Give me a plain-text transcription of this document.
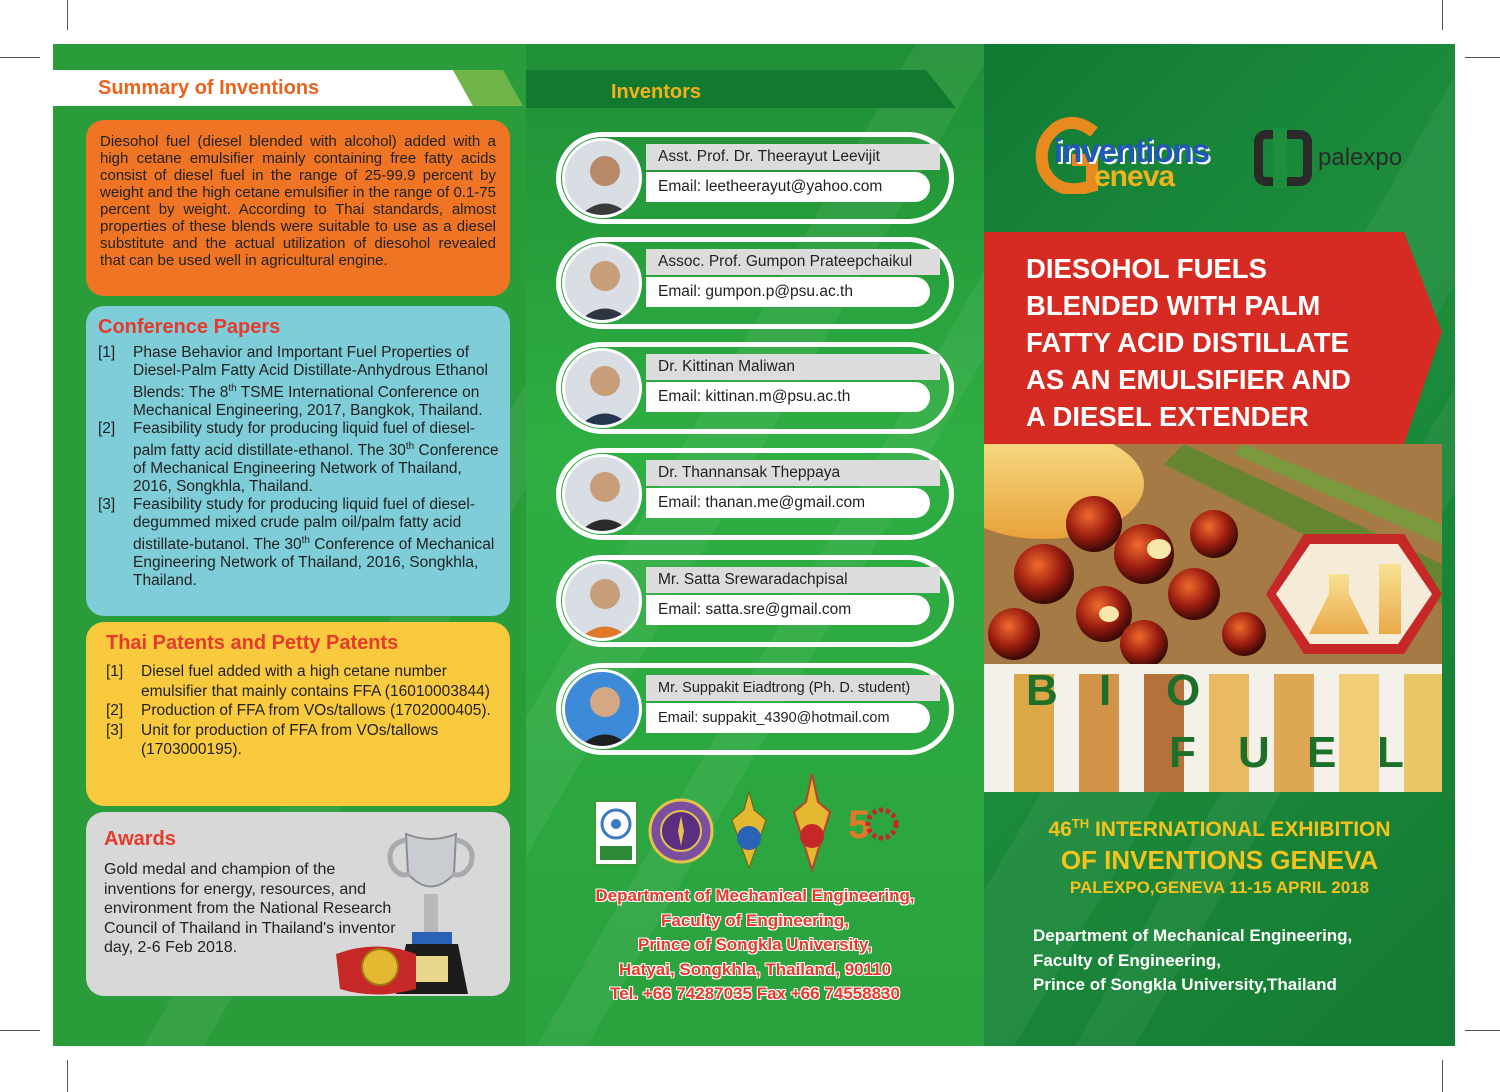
Summary of Inventions
Diesohol fuel (diesel blended with alcohol) added with a high cetane emulsifier mainly containing free fatty acids consist of diesel fuel in the range of 25-99.9 percent by weight and the high cetane emulsifier in the range of 0.1-75 percent by weight. According to Thai standards, almost properties of these blends were suitable to use as a diesel substitute and the actual utilization of diesohol revealed that can be used well in agricultural engine.
Conference Papers
[1]	Phase Behavior and Important Fuel Properties of Diesel-Palm Fatty Acid Distillate-Anhydrous Ethanol Blends: The 8th TSME International Conference on Mechanical Engineering, 2017, Bangkok, Thailand.
[2]	Feasibility study for producing liquid fuel of diesel-palm fatty acid distillate-ethanol. The 30th Conference of Mechanical Engineering Network of Thailand, 2016, Songkhla, Thailand.
[3]	Feasibility study for producing liquid fuel of diesel-degummed mixed crude palm oil/palm fatty acid distillate-butanol. The 30th Conference of Mechanical Engineering Network of Thailand, 2016, Songkhla, Thailand.
Thai Patents and Petty Patents
[1]	Diesel fuel added with a high cetane number emulsifier that mainly contains FFA (16010003844)
[2]	Production of FFA from VOs/tallows (1702000405).
[3]	Unit for production of FFA from VOs/tallows (1703000195).
Awards
Gold medal and champion of the inventions for energy, resources, and environment from the National Research Council of Thailand in Thailand's inventor day, 2-6 Feb 2018.
Inventors
Asst. Prof. Dr. Theerayut Leevijit
Email: leetheerayut@yahoo.com
Assoc. Prof. Gumpon Prateepchaikul
Email: gumpon.p@psu.ac.th
Dr. Kittinan Maliwan
Email: kittinan.m@psu.ac.th
Dr. Thannansak Theppaya
Email: thanan.me@gmail.com
Mr. Satta Srewaradachpisal
Email: satta.sre@gmail.com
Mr. Suppakit Eiadtrong (Ph. D. student)
Email: suppakit_4390@hotmail.com
5
Department of Mechanical Engineering,
Faculty of Engineering,
Prince of Songkla University,
Hatyai, Songkhla, Thailand, 90110
Tel. +66 74287035 Fax +66 74558830
inventions
eneva
palexpo
DIESOHOL FUELS
BLENDED WITH PALM
FATTY ACID DISTILLATE
AS AN EMULSIFIER AND
A DIESEL EXTENDER
B I O
F U E L
46TH INTERNATIONAL EXHIBITION
OF INVENTIONS GENEVA
PALEXPO,GENEVA 11-15 APRIL 2018
Department of Mechanical Engineering,
Faculty of Engineering,
Prince of Songkla University,Thailand
